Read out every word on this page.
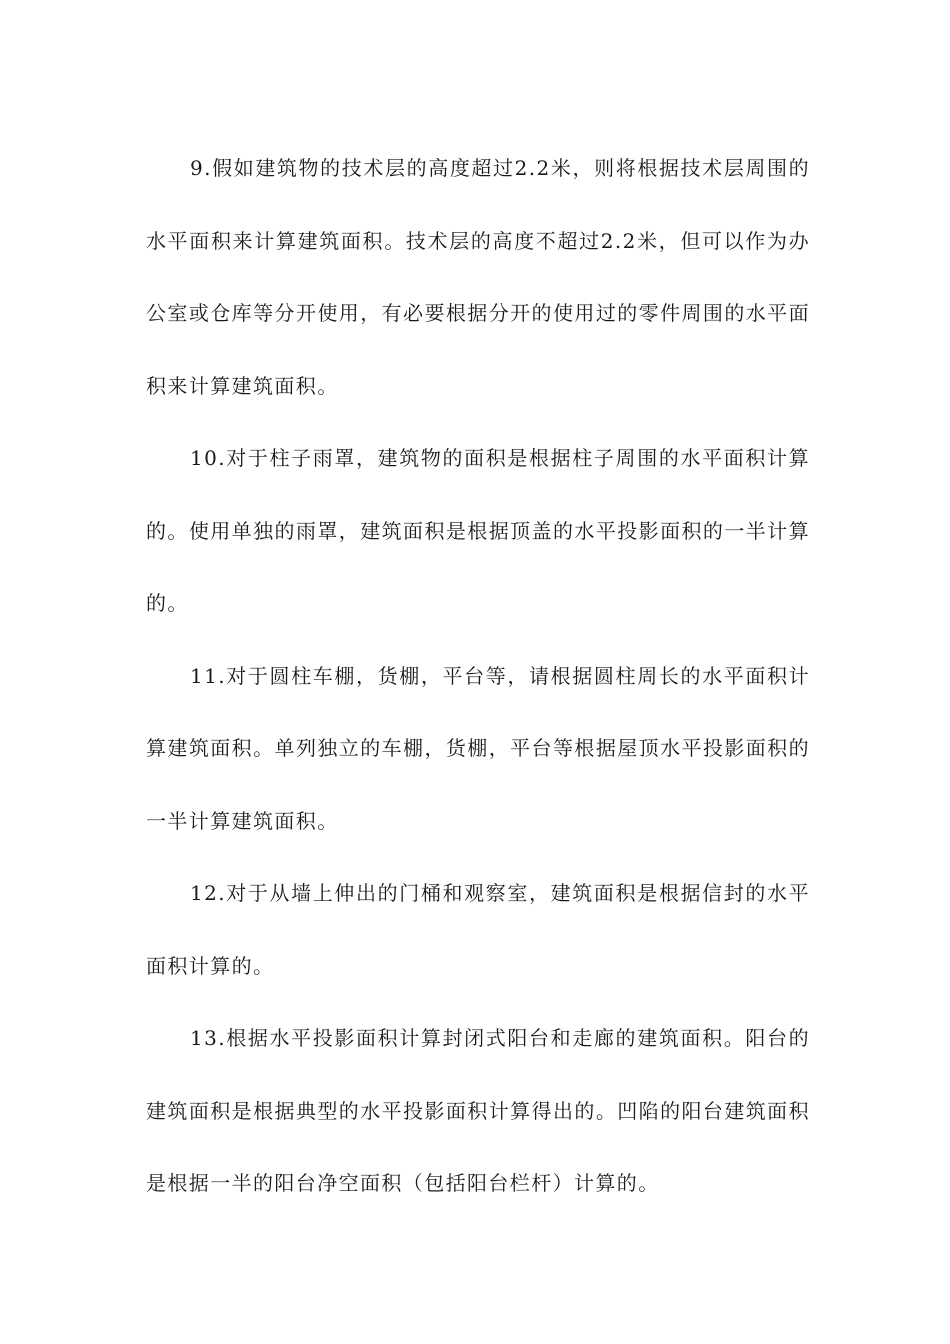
9.假如建筑物的技术层的高度超过2.2米，则将根据技术层周围的水平面积来计算建筑面积。技术层的高度不超过2.2米，但可以作为办公室或仓库等分开使用，有必要根据分开的使用过的零件周围的水平面积来计算建筑面积。

10.对于柱子雨罩，建筑物的面积是根据柱子周围的水平面积计算的。使用单独的雨罩，建筑面积是根据顶盖的水平投影面积的一半计算的。

11.对于圆柱车棚，货棚，平台等，请根据圆柱周长的水平面积计算建筑面积。单列独立的车棚，货棚，平台等根据屋顶水平投影面积的一半计算建筑面积。

12.对于从墙上伸出的门桶和观察室，建筑面积是根据信封的水平面积计算的。

13.根据水平投影面积计算封闭式阳台和走廊的建筑面积。阳台的建筑面积是根据典型的水平投影面积计算得出的。凹陷的阳台建筑面积是根据一半的阳台净空面积（包括阳台栏杆）计算的。
